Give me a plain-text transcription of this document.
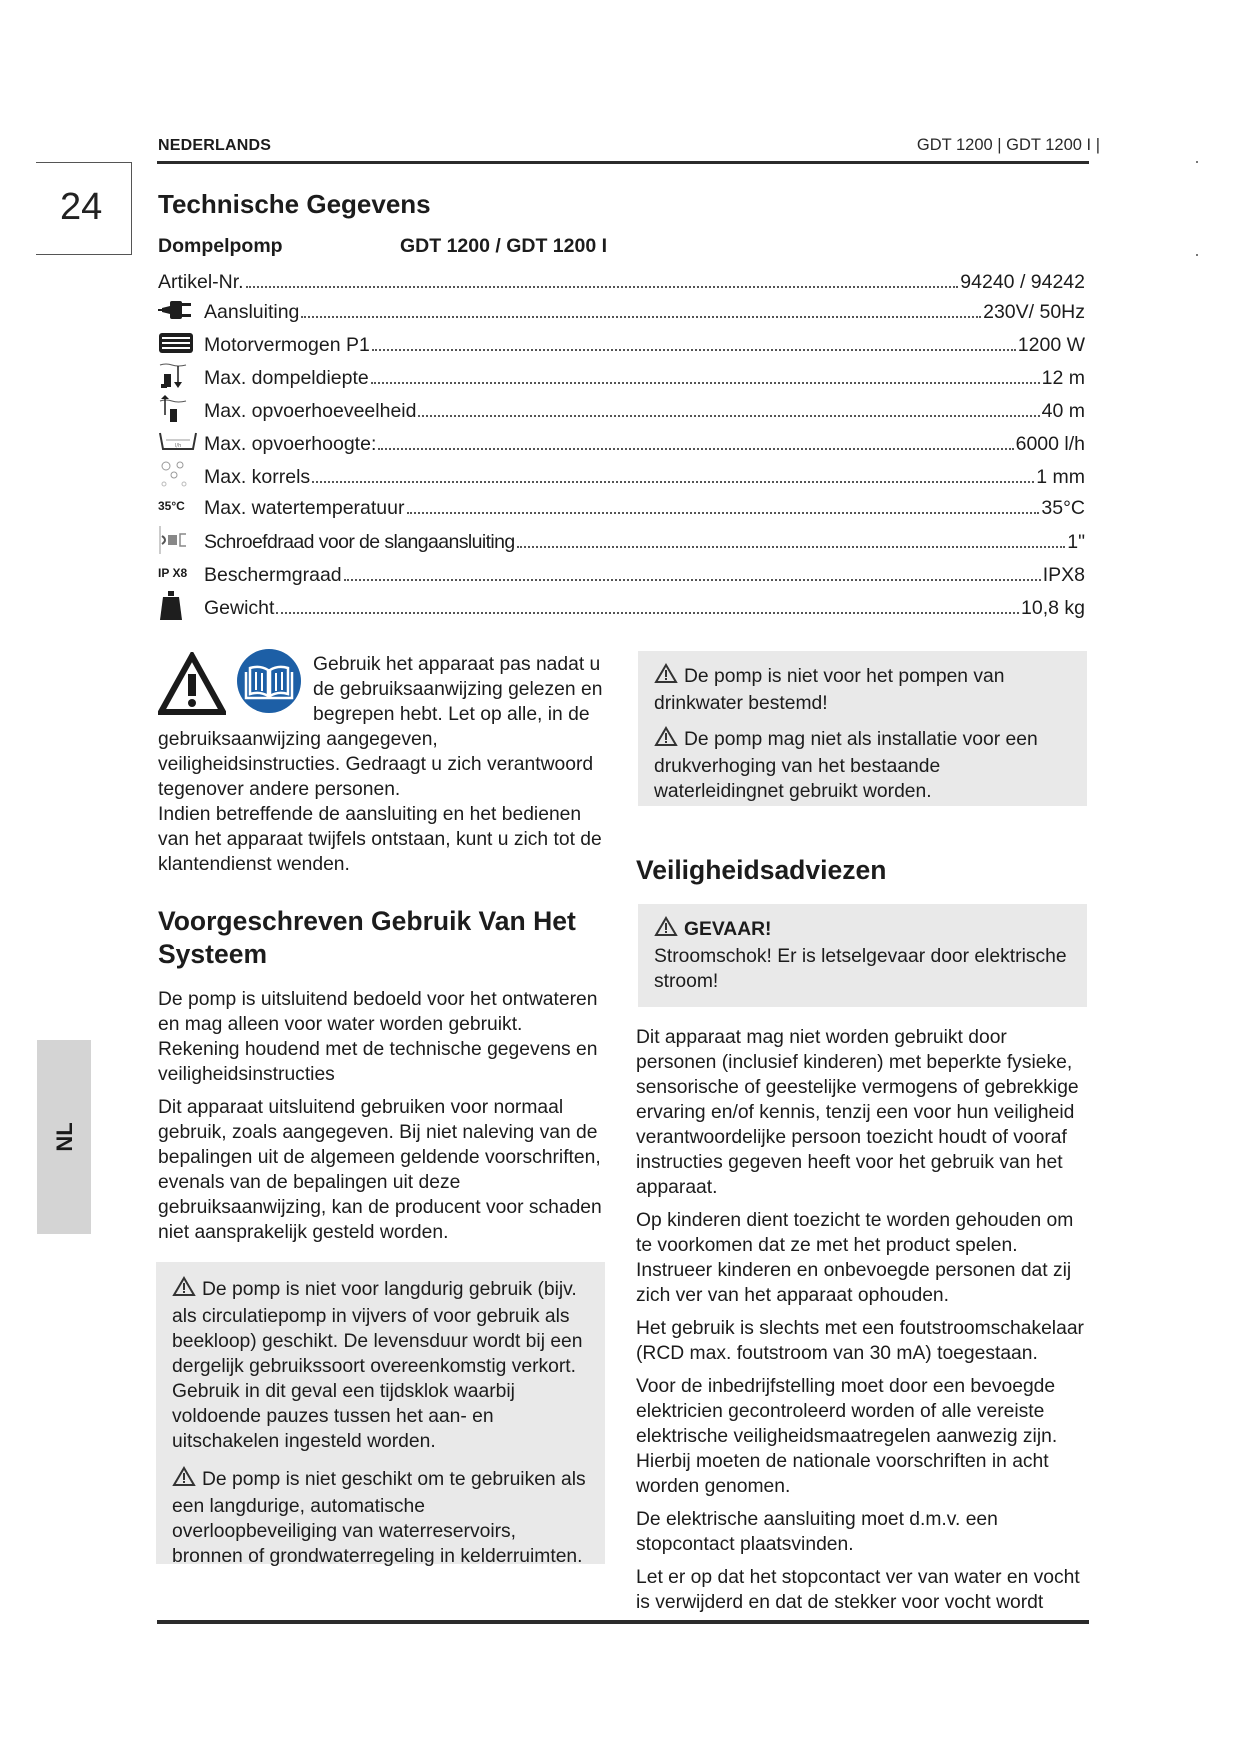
NEDERLANDS	GDT 1200 | GDT 1200 I |
24
NL
Technische Gegevens
Dompelpomp	GDT 1200 / GDT 1200 I
Artikel-Nr.	94240 / 94242
Aansluiting	230V/ 50Hz
Motorvermogen P1	1200 W
Max. dompeldiepte	12 m
Max. opvoerhoeveelheid	40 m
l/h Max. opvoerhoogte:	6000 l/h
Max. korrels	1 mm
35°C Max. watertemperatuur	35°C
Schroefdraad voor de slangaansluiting	1"
IP X8 Beschermgraad	IPX8
Gewicht	10,8 kg
Gebruik het apparaat pas nadat u de gebruiksaanwijzing gelezen en begrepen hebt. Let op alle, in de gebruiksaanwijzing aangegeven, veiligheidsinstructies. Gedraagt u zich verantwoord tegenover andere personen.
Indien betreffende de aansluiting en het bedienen van het apparaat twijfels ontstaan, kunt u zich tot de klantendienst wenden.
Voorgeschreven Gebruik Van Het Systeem
De pomp is uitsluitend bedoeld voor het ontwateren en mag alleen voor water worden gebruikt. Rekening houdend met de technische gegevens en veiligheidsinstructies
Dit apparaat uitsluitend gebruiken voor normaal gebruik, zoals aangegeven. Bij niet naleving van de bepalingen uit de algemeen geldende voorschriften, evenals van de bepalingen uit deze gebruiksaanwijzing, kan de producent voor schaden niet aansprakelijk gesteld worden.
De pomp is niet voor langdurig gebruik (bijv. als circulatiepomp in vijvers of voor gebruik als beekloop) geschikt. De levensduur wordt bij een dergelijk gebruikssoort overeenkomstig verkort. Gebruik in dit geval een tijdsklok waarbij voldoende pauzes tussen het aan- en uitschakelen ingesteld worden.
De pomp is niet geschikt om te gebruiken als een langdurige, automatische overloopbeveiliging van waterreservoirs, bronnen of grondwaterregeling in kelderruimten.
De pomp is niet voor het pompen van drinkwater bestemd!
De pomp mag niet als installatie voor een drukverhoging van het bestaande waterleidingnet gebruikt worden.
Veiligheidsadviezen
GEVAAR!
Stroomschok! Er is letselgevaar door elektrische stroom!
Dit apparaat mag niet worden gebruikt door personen (inclusief kinderen) met beperkte fysieke, sensorische of geestelijke vermogens of gebrekkige ervaring en/of kennis, tenzij een voor hun veiligheid verantwoordelijke persoon toezicht houdt of vooraf instructies gegeven heeft voor het gebruik van het apparaat.
Op kinderen dient toezicht te worden gehouden om te voorkomen dat ze met het product spelen. Instrueer kinderen en onbevoegde personen dat zij zich ver van het apparaat ophouden.
Het gebruik is slechts met een foutstroomschakelaar (RCD max. foutstroom van 30 mA) toegestaan.
Voor de inbedrijfstelling moet door een bevoegde elektricien gecontroleerd worden of alle vereiste elektrische veiligheidsmaatregelen aanwezig zijn. Hierbij moeten de nationale voorschriften in acht worden genomen.
De elektrische aansluiting moet d.m.v. een stopcontact plaatsvinden.
Let er op dat het stopcontact ver van water en vocht is verwijderd en dat de stekker voor vocht wordt
